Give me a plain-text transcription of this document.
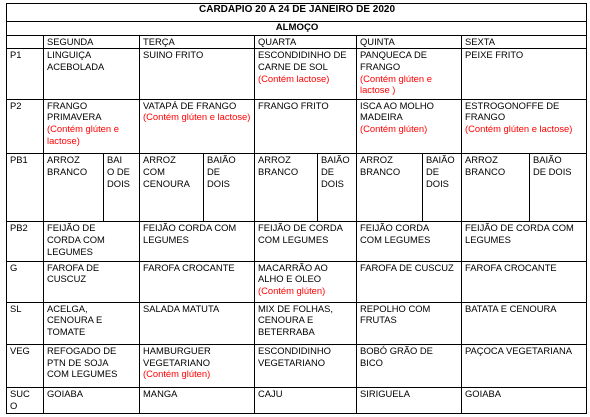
CARDÁPIO 20 A 24 DE JANEIRO DE 2020										
ALMOÇO										
	SEGUNDA		TERÇA		QUARTA		QUINTA		SEXTA	
P1	LINGUIÇA
ACEBOLADA		SUINO FRITO		ESCONDIDINHO DE
CARNE DE SOL
(Contém lactose)		PANQUECA DE
FRANGO
(Contém glúten e lactose )		PEIXE FRITO	

P2	FRANGO
PRIMAVERA
(Contém glúten e lactose)		VATAPÁ DE FRANGO
(Contém glúten e lactose)		FRANGO FRITO		ISCA AO MOLHO
MADEIRA
(Contém glúten)		ESTROGONOFFE DE
FRANGO
(Contém glúten e lactose)	

PB1	ARROZ
BRANCO	BAI
O DE
DOIS	ARROZ
COM
CENOURA	BAIÃO
DE
DOIS	ARROZ
BRANCO	BAIÃO
DE
DOIS	ARROZ
BRANCO	BAIÃO
DE
DOIS	ARROZ
BRANCO	BAIÃO
DE DOIS

PB2	FEIJÃO DE
CORDA COM
LEGUMES		FEIJÃO CORDA COM
LEGUMES		FEIJÃO DE CORDA
COM LEGUMES		FEIJÃO CORDA
COM LEGUMES		FEIJÃO DE CORDA COM
LEGUMES	

G	FAROFA DE
CUSCUZ		FAROFA CROCANTE		MACARRÃO AO
ALHO E OLEO
(Contém glúten)		FAROFA DE CUSCUZ		FAROFA CROCANTE	

SL	ACELGA,
CENOURA E
TOMATE		SALADA MATUTA		MIX DE FOLHAS,
CENOURA E
BETERRABA		REPOLHO COM
FRUTAS		BATATA E CENOURA	

VEG	REFOGADO DE
PTN DE SOJA
COM LEGUMES		HAMBURGUER
VEGETARIANO
(Contém glúten)		ESCONDIDINHO
VEGETARIANO		BOBÓ GRÃO DE
BICO		PAÇOCA VEGETARIANA	

SUC
O	GOIABA		MANGA		CAJU		SIRIGUELA		GOIABA	
